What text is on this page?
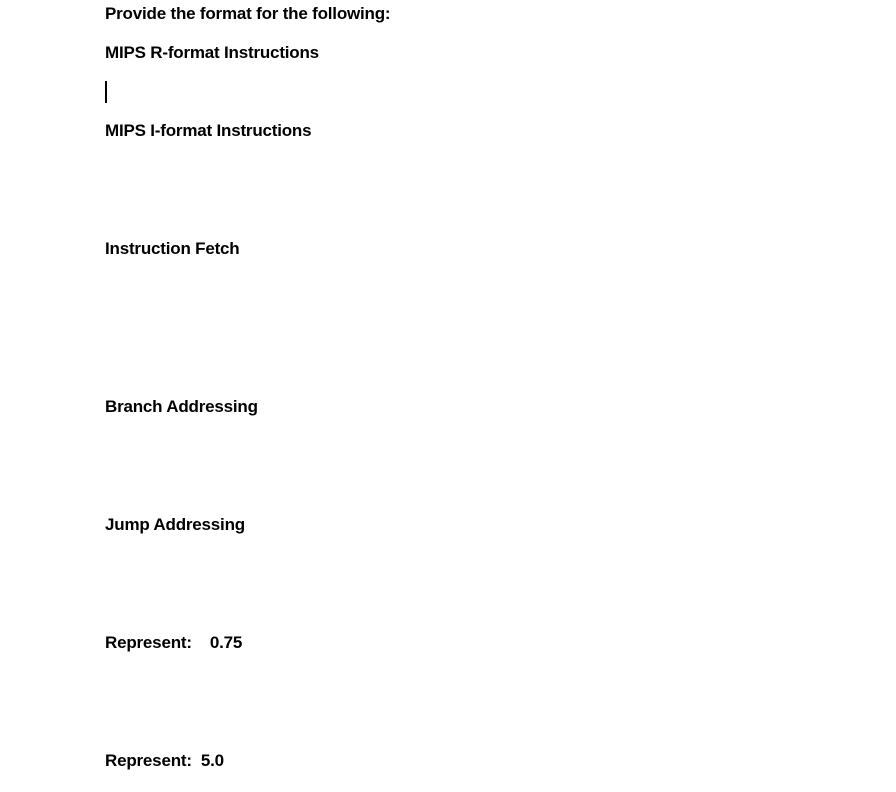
Provide the format for the following:
MIPS R-format Instructions
MIPS I-format Instructions
Instruction Fetch
Branch Addressing
Jump Addressing
Represent:    0.75
Represent:  5.0
